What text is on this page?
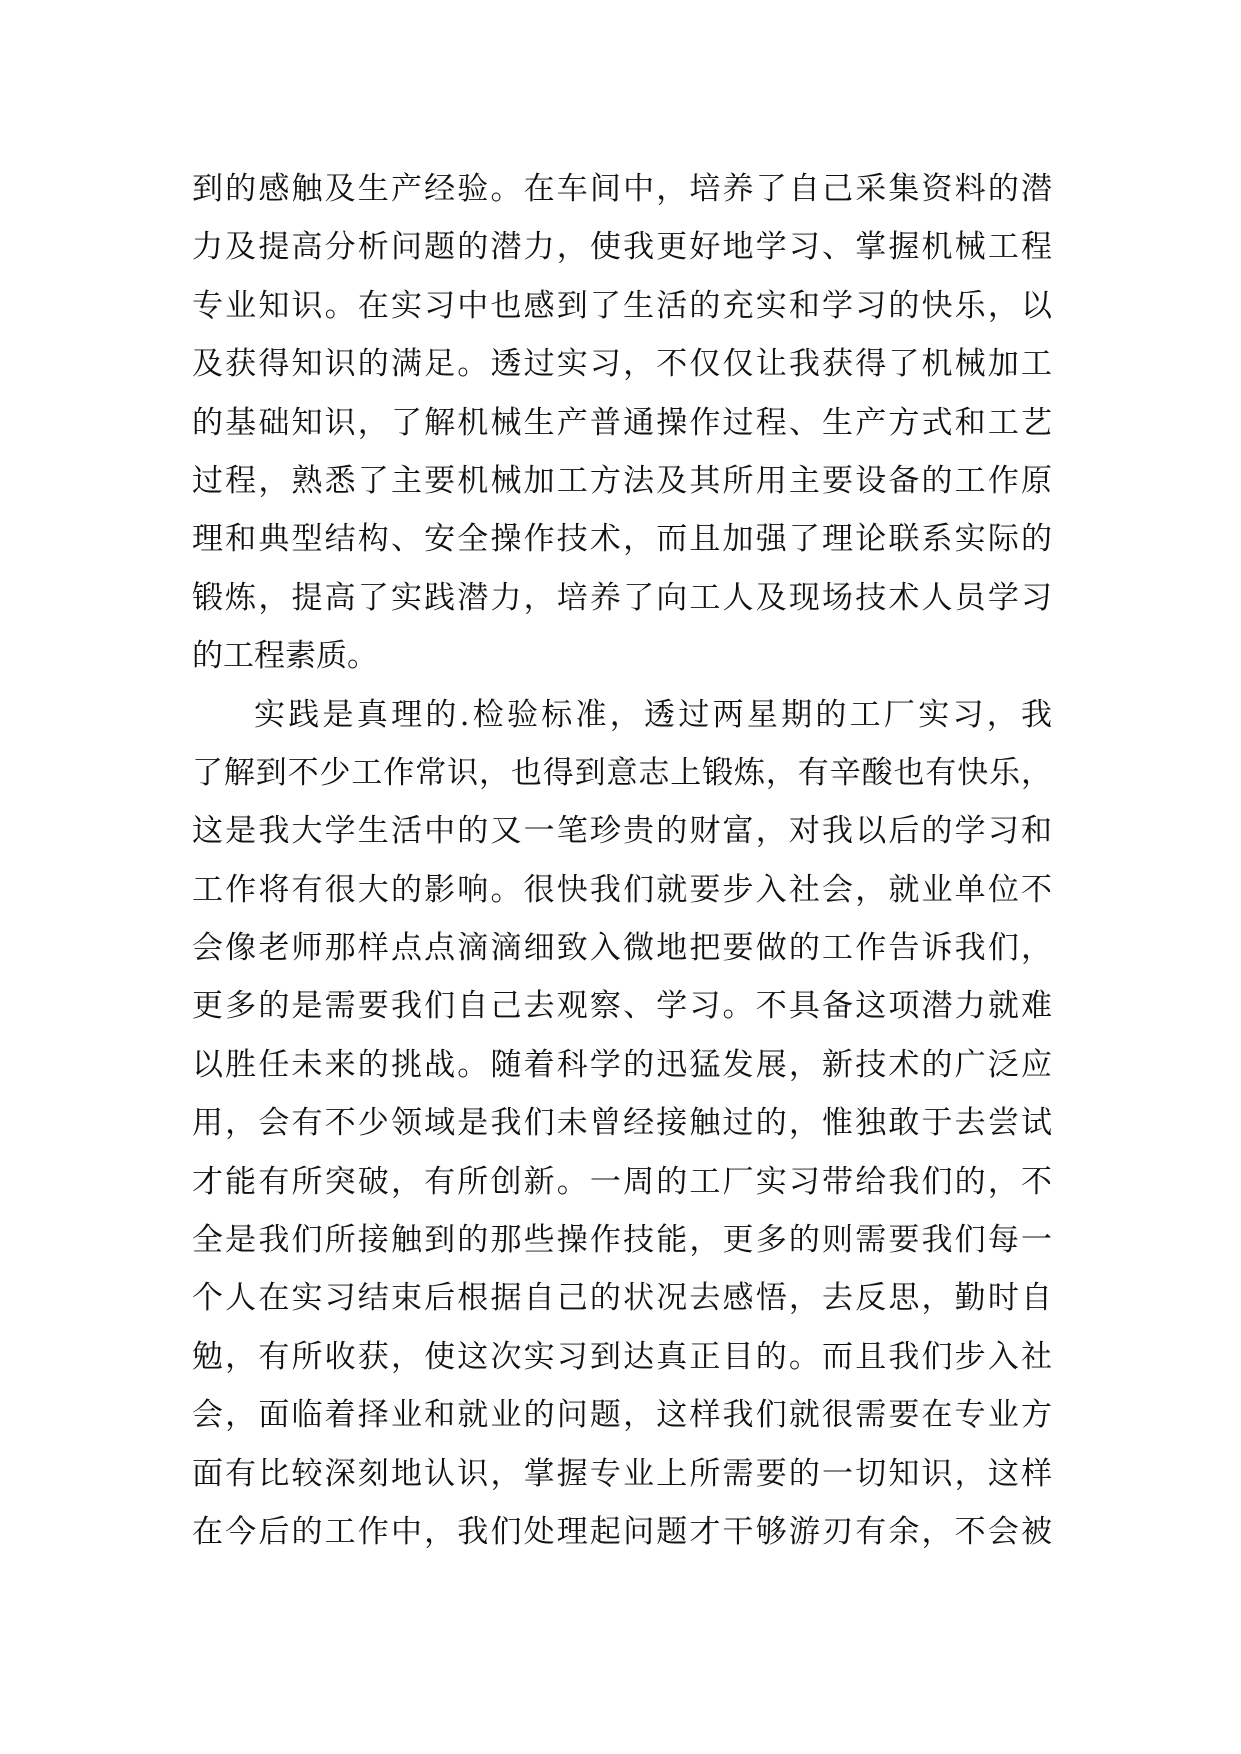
到的感触及生产经验。在车间中，培养了自己采集资料的潜
力及提高分析问题的潜力，使我更好地学习、掌握机械工程
专业知识。在实习中也感到了生活的充实和学习的快乐，以
及获得知识的满足。透过实习，不仅仅让我获得了机械加工
的基础知识，了解机械生产普通操作过程、生产方式和工艺
过程，熟悉了主要机械加工方法及其所用主要设备的工作原
理和典型结构、安全操作技术，而且加强了理论联系实际的
锻炼，提高了实践潜力，培养了向工人及现场技术人员学习
的工程素质。
实践是真理的.检验标准，透过两星期的工厂实习，我
了解到不少工作常识，也得到意志上锻炼，有辛酸也有快乐，
这是我大学生活中的又一笔珍贵的财富，对我以后的学习和
工作将有很大的影响。很快我们就要步入社会，就业单位不
会像老师那样点点滴滴细致入微地把要做的工作告诉我们，
更多的是需要我们自己去观察、学习。不具备这项潜力就难
以胜任未来的挑战。随着科学的迅猛发展，新技术的广泛应
用，会有不少领域是我们未曾经接触过的，惟独敢于去尝试
才能有所突破，有所创新。一周的工厂实习带给我们的，不
全是我们所接触到的那些操作技能，更多的则需要我们每一
个人在实习结束后根据自己的状况去感悟，去反思，勤时自
勉，有所收获，使这次实习到达真正目的。而且我们步入社
会，面临着择业和就业的问题，这样我们就很需要在专业方
面有比较深刻地认识，掌握专业上所需要的一切知识，这样
在今后的工作中，我们处理起问题才干够游刃有余，不会被
